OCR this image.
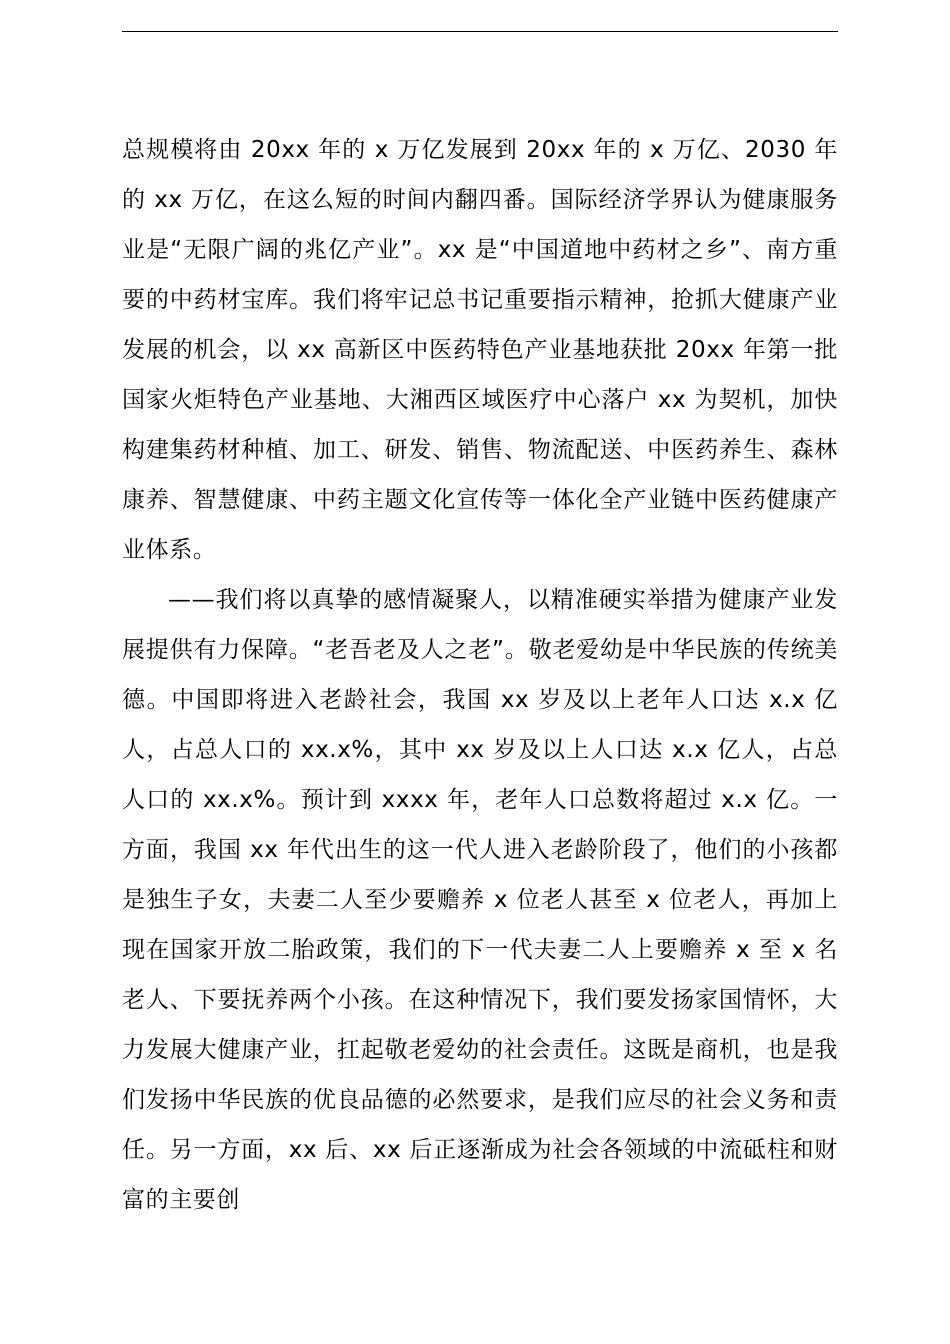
总规模将由 20xx 年的 x 万亿发展到 20xx 年的 x 万亿、2030 年的 xx 万亿，在这么短的时间内翻四番。国际经济学界认为健康服务业是“无限广阔的兆亿产业”。xx 是“中国道地中药材之乡”、南方重要的中药材宝库。我们将牢记总书记重要指示精神，抢抓大健康产业发展的机会，以 xx 高新区中医药特色产业基地获批 20xx 年第一批国家火炬特色产业基地、大湘西区域医疗中心落户 xx 为契机，加快构建集药材种植、加工、研发、销售、物流配送、中医药养生、森林康养、智慧健康、中药主题文化宣传等一体化全产业链中医药健康产业体系。

——我们将以真挚的感情凝聚人，以精准硬实举措为健康产业发展提供有力保障。“老吾老及人之老”。敬老爱幼是中华民族的传统美德。中国即将进入老龄社会，我国 xx 岁及以上老年人口达 x.x 亿人，占总人口的 xx.x%，其中 xx 岁及以上人口达 x.x 亿人，占总人口的 xx.x%。预计到 xxxx 年，老年人口总数将超过 x.x 亿。一方面，我国 xx 年代出生的这一代人进入老龄阶段了，他们的小孩都是独生子女，夫妻二人至少要赡养 x 位老人甚至 x 位老人，再加上现在国家开放二胎政策，我们的下一代夫妻二人上要赡养 x 至 x 名老人、下要抚养两个小孩。在这种情况下，我们要发扬家国情怀，大力发展大健康产业，扛起敬老爱幼的社会责任。这既是商机，也是我们发扬中华民族的优良品德的必然要求，是我们应尽的社会义务和责任。另一方面，xx 后、xx 后正逐渐成为社会各领域的中流砥柱和财富的主要创
